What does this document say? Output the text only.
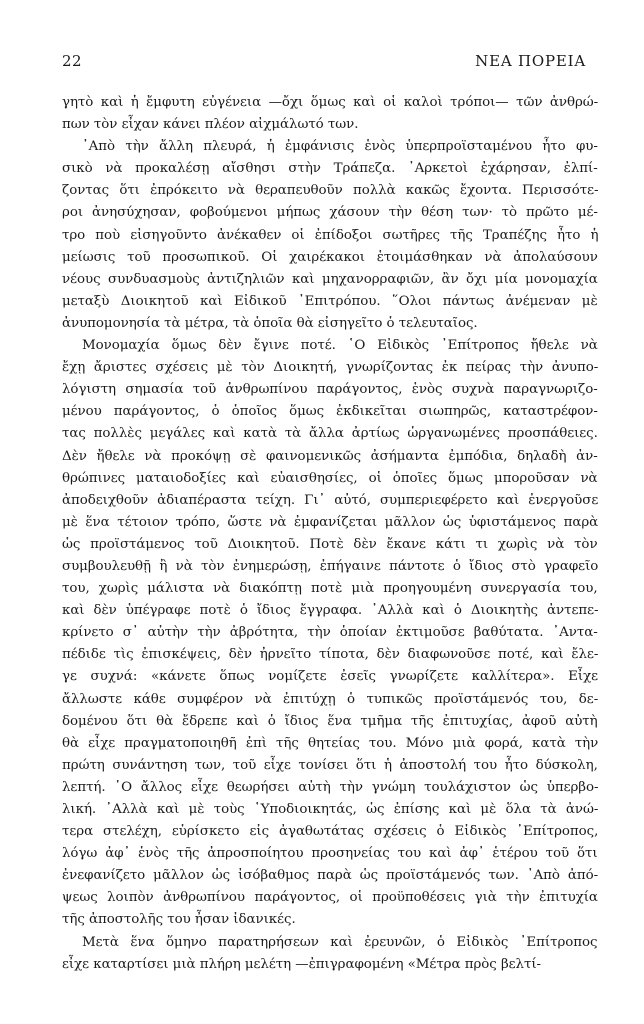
22	ΝΕΑ ΠΟΡΕΙΑ
γητὸ καὶ ἡ ἔμφυτη εὐγένεια —ὄχι ὅμως καὶ οἱ καλοὶ τρόποι— τῶν ἀνθρώ-
πων τὸν εἶχαν κάνει πλέον αἰχμάλωτό των.
᾿Απὸ τὴν ἄλλη πλευρά, ἡ ἐμφάνισις ἑνὸς ὑπερπροϊσταμένου ἦτο φυ-
σικὸ νὰ προκαλέσῃ αἴσθησι στὴν Τράπεζα. ᾿Αρκετοὶ ἐχάρησαν, ἐλπί-
ζοντας ὅτι ἐπρόκειτο νὰ θεραπευθοῦν πολλὰ κακῶς ἔχοντα. Περισσότε-
ροι ἀνησύχησαν, φοβούμενοι μήπως χάσουν τὴν θέση των· τὸ πρῶτο μέ-
τρο ποὺ εἰσηγοῦντο ἀνέκαθεν οἱ ἐπίδοξοι σωτῆρες τῆς Τραπέζης ἦτο ἡ
μείωσις τοῦ προσωπικοῦ. Οἱ χαιρέκακοι ἑτοιμάσθηκαν νὰ ἀπολαύσουν
νέους συνδυασμοὺς ἀντιζηλιῶν καὶ μηχανορραφιῶν, ἂν ὄχι μία μονομαχία
μεταξὺ Διοικητοῦ καὶ Εἰδικοῦ ᾿Επιτρόπου. ῞Ολοι πάντως ἀνέμεναν μὲ
ἀνυπομονησία τὰ μέτρα, τὰ ὁποῖα θὰ εἰσηγεῖτο ὁ τελευταῖος.
Μονομαχία ὅμως δὲν ἔγινε ποτέ. ῾Ο Εἰδικὸς ᾿Επίτροπος ἤθελε νὰ
ἔχῃ ἄριστες σχέσεις μὲ τὸν Διοικητή, γνωρίζοντας ἐκ πείρας τὴν ἀνυπο-
λόγιστη σημασία τοῦ ἀνθρωπίνου παράγοντος, ἑνὸς συχνὰ παραγνωριζο-
μένου παράγοντος, ὁ ὁποῖος ὅμως ἐκδικεῖται σιωπηρῶς, καταστρέφον-
τας πολλὲς μεγάλες καὶ κατὰ τὰ ἄλλα ἀρτίως ὡργανωμένες προσπάθειες.
Δὲν ἤθελε νὰ προκόψῃ σὲ φαινομενικῶς ἀσήμαντα ἐμπόδια, δηλαδὴ ἀν-
θρώπινες ματαιοδοξίες καὶ εὐαισθησίες, οἱ ὁποῖες ὅμως μποροῦσαν νὰ
ἀποδειχθοῦν ἀδιαπέραστα τείχη. Γι᾿ αὐτό, συμπεριεφέρετο καὶ ἐνεργοῦσε
μὲ ἕνα τέτοιον τρόπο, ὥστε νὰ ἐμφανίζεται μᾶλλον ὡς ὑφιστάμενος παρὰ
ὡς προϊστάμενος τοῦ Διοικητοῦ. Ποτὲ δὲν ἔκανε κάτι τι χωρὶς νὰ τὸν
συμβουλευθῇ ἢ νὰ τὸν ἐνημερώσῃ, ἐπήγαινε πάντοτε ὁ ἴδιος στὸ γραφεῖο
του, χωρὶς μάλιστα νὰ διακόπτῃ ποτὲ μιὰ προηγουμένη συνεργασία του,
καὶ δὲν ὑπέγραφε ποτὲ ὁ ἴδιος ἔγγραφα. ᾿Αλλὰ καὶ ὁ Διοικητὴς ἀντεπε-
κρίνετο σ᾿ αὐτὴν τὴν ἀβρότητα, τὴν ὁποίαν ἐκτιμοῦσε βαθύτατα. ᾿Αντα-
πέδιδε τὶς ἐπισκέψεις, δὲν ἠρνεῖτο τίποτα, δὲν διαφωνοῦσε ποτέ, καὶ ἔλε-
γε συχνά: «κάνετε ὅπως νομίζετε ἐσεῖς γνωρίζετε καλλίτερα». Εἶχε
ἄλλωστε κάθε συμφέρον νὰ ἐπιτύχῃ ὁ τυπικῶς προϊστάμενός του, δε-
δομένου ὅτι θὰ ἔδρεπε καὶ ὁ ἴδιος ἕνα τμῆμα τῆς ἐπιτυχίας, ἀφοῦ αὐτὴ
θὰ εἶχε πραγματοποιηθῆ ἐπὶ τῆς θητείας του. Μόνο μιὰ φορά, κατὰ τὴν
πρώτη συνάντηση των, τοῦ εἶχε τονίσει ὅτι ἡ ἀποστολή του ἦτο δύσκολη,
λεπτή. ῾Ο ἄλλος εἶχε θεωρήσει αὐτὴ τὴν γνώμη τουλάχιστον ὡς ὑπερβο-
λική. ᾿Αλλὰ καὶ μὲ τοὺς ῾Υποδιοικητάς, ὡς ἐπίσης καὶ μὲ ὅλα τὰ ἀνώ-
τερα στελέχη, εὑρίσκετο εἰς ἀγαθωτάτας σχέσεις ὁ Εἰδικὸς ᾿Επίτροπος,
λόγω ἀφ᾿ ἑνὸς τῆς ἀπροσποίητου προσηνείας του καὶ ἀφ᾿ ἑτέρου τοῦ ὅτι
ἐνεφανίζετο μᾶλλον ὡς ἰσόβαθμος παρὰ ὡς προϊστάμενός των. ᾿Απὸ ἀπό-
ψεως λοιπὸν ἀνθρωπίνου παράγοντος, οἱ προϋποθέσεις γιὰ τὴν ἐπιτυχία
τῆς ἀποστολῆς του ἦσαν ἰδανικές.
Μετὰ ἕνα ὅμηνο παρατηρήσεων καὶ ἐρευνῶν, ὁ Εἰδικὸς ᾿Επίτροπος
εἶχε καταρτίσει μιὰ πλήρη μελέτη —ἐπιγραφομένη «Μέτρα πρὸς βελτί-
